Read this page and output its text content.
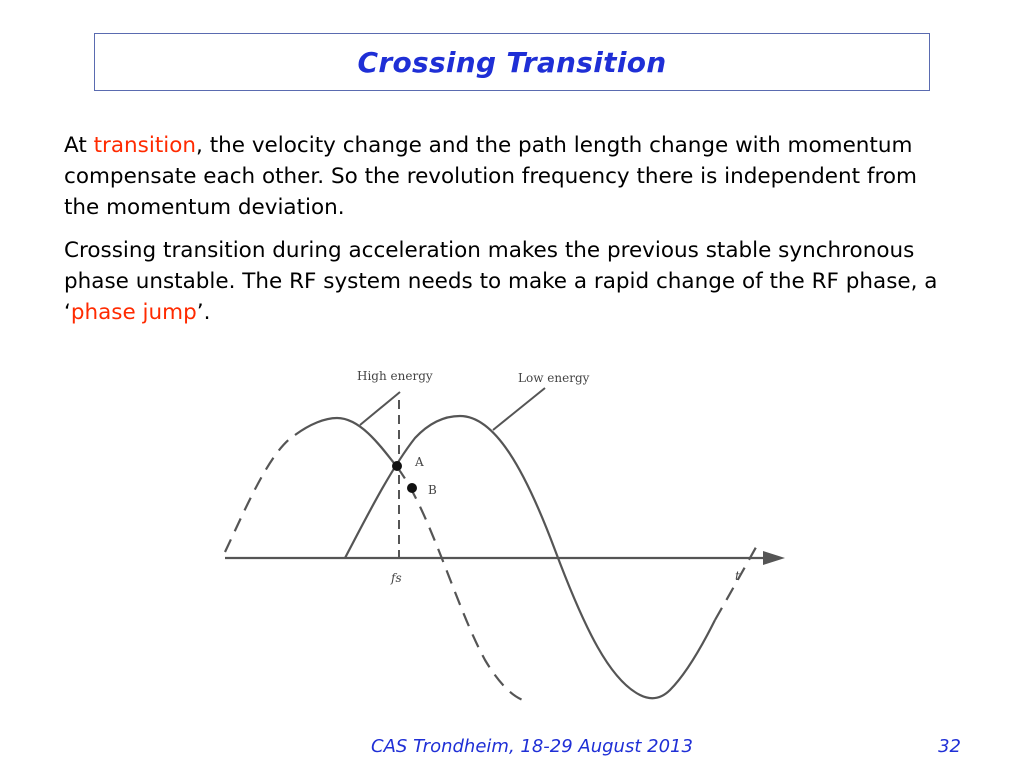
Crossing Transition

At transition, the velocity change and the path length change with momentum compensate each other. So the revolution frequency there is independent from the momentum deviation.

Crossing transition during acceleration makes the previous stable synchronous phase unstable. The RF system needs to make a rapid change of the RF phase, a ‘phase jump’.

High energy	Low energy
A
B
fs	t
CAS Trondheim, 18-29 August 2013	32
